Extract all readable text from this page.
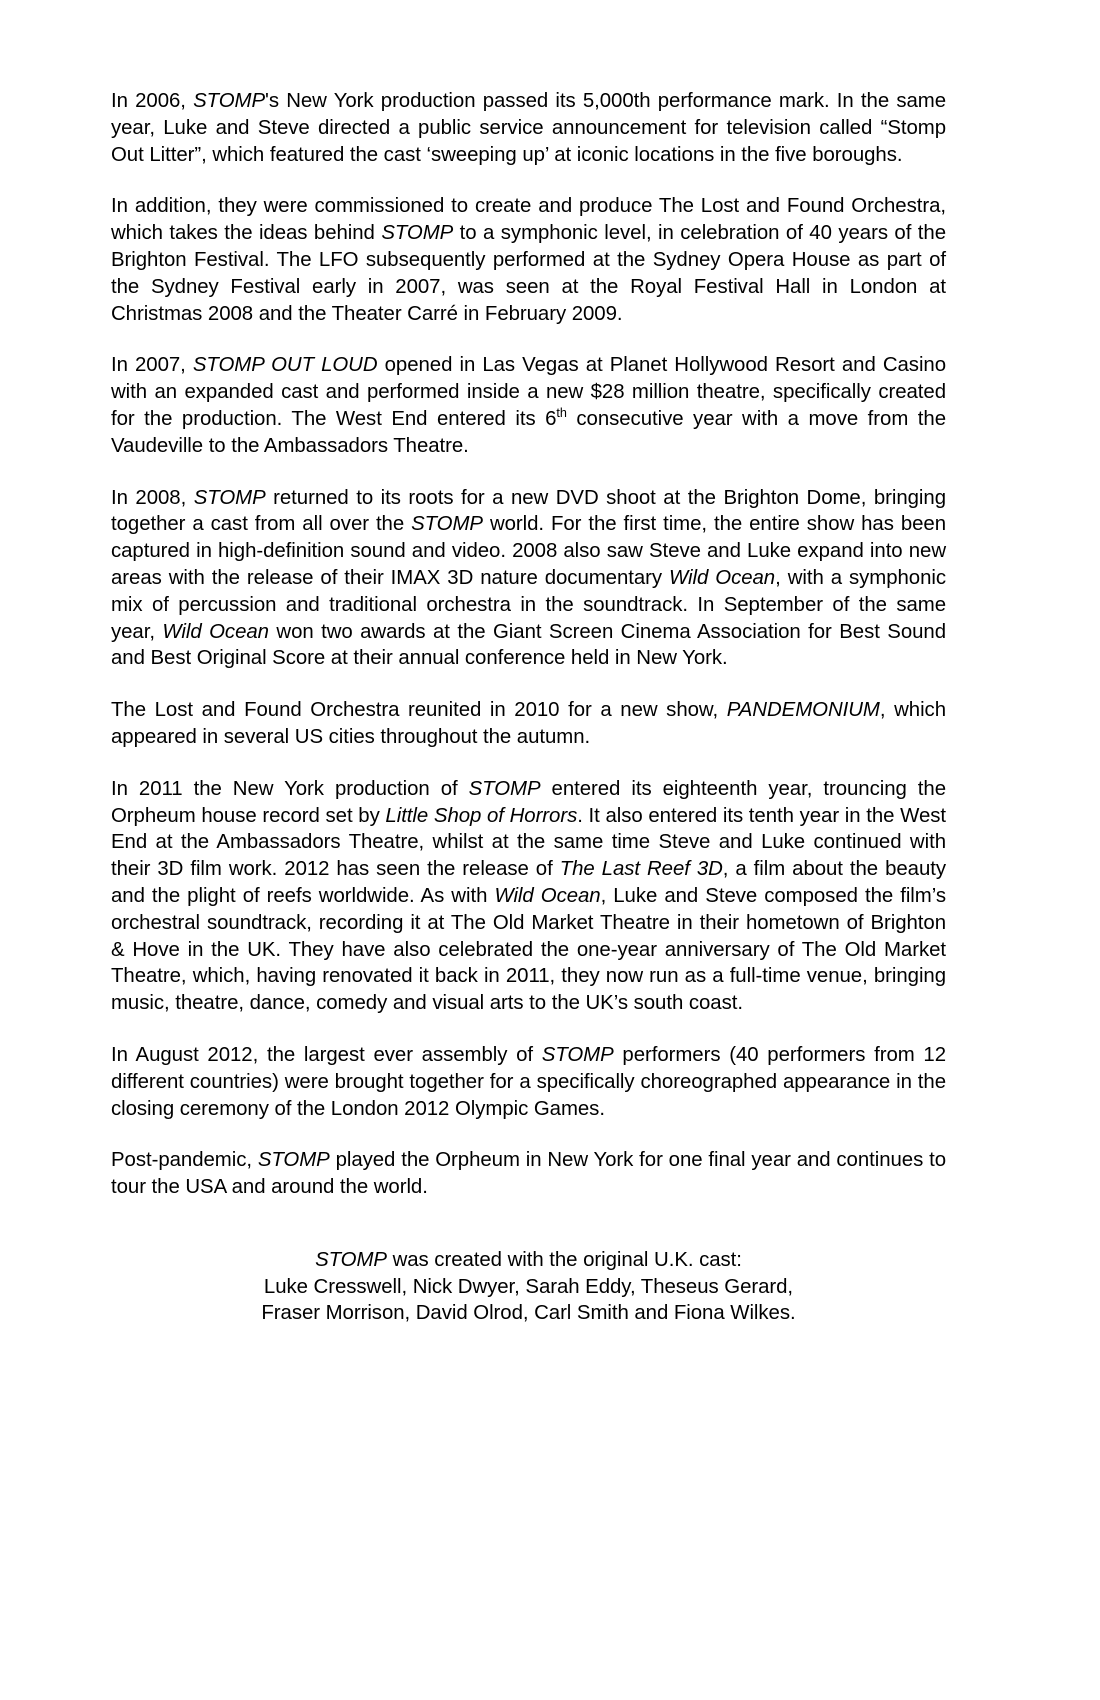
In 2006, STOMP's New York production passed its 5,000th performance mark. In the same year, Luke and Steve directed a public service announcement for television called “Stomp Out Litter”, which featured the cast ‘sweeping up’ at iconic locations in the five boroughs.

In addition, they were commissioned to create and produce The Lost and Found Orchestra, which takes the ideas behind STOMP to a symphonic level, in celebration of 40 years of the Brighton Festival. The LFO subsequently performed at the Sydney Opera House as part of the Sydney Festival early in 2007, was seen at the Royal Festival Hall in London at Christmas 2008 and the Theater Carré in February 2009.

In 2007, STOMP OUT LOUD opened in Las Vegas at Planet Hollywood Resort and Casino with an expanded cast and performed inside a new $28 million theatre, specifically created for the production. The West End entered its 6th consecutive year with a move from the Vaudeville to the Ambassadors Theatre.

In 2008, STOMP returned to its roots for a new DVD shoot at the Brighton Dome, bringing together a cast from all over the STOMP world. For the first time, the entire show has been captured in high-definition sound and video. 2008 also saw Steve and Luke expand into new areas with the release of their IMAX 3D nature documentary Wild Ocean, with a symphonic mix of percussion and traditional orchestra in the soundtrack. In September of the same year, Wild Ocean won two awards at the Giant Screen Cinema Association for Best Sound and Best Original Score at their annual conference held in New York.

The Lost and Found Orchestra reunited in 2010 for a new show, PANDEMONIUM, which appeared in several US cities throughout the autumn.

In 2011 the New York production of STOMP entered its eighteenth year, trouncing the Orpheum house record set by Little Shop of Horrors. It also entered its tenth year in the West End at the Ambassadors Theatre, whilst at the same time Steve and Luke continued with their 3D film work. 2012 has seen the release of The Last Reef 3D, a film about the beauty and the plight of reefs worldwide. As with Wild Ocean, Luke and Steve composed the film’s orchestral soundtrack, recording it at The Old Market Theatre in their hometown of Brighton & Hove in the UK. They have also celebrated the one-year anniversary of The Old Market Theatre, which, having renovated it back in 2011, they now run as a full-time venue, bringing music, theatre, dance, comedy and visual arts to the UK’s south coast.

In August 2012, the largest ever assembly of STOMP performers (40 performers from 12 different countries) were brought together for a specifically choreographed appearance in the closing ceremony of the London 2012 Olympic Games.

Post-pandemic, STOMP played the Orpheum in New York for one final year and continues to tour the USA and around the world.

STOMP was created with the original U.K. cast:

Luke Cresswell, Nick Dwyer, Sarah Eddy, Theseus Gerard,

Fraser Morrison, David Olrod, Carl Smith and Fiona Wilkes.
